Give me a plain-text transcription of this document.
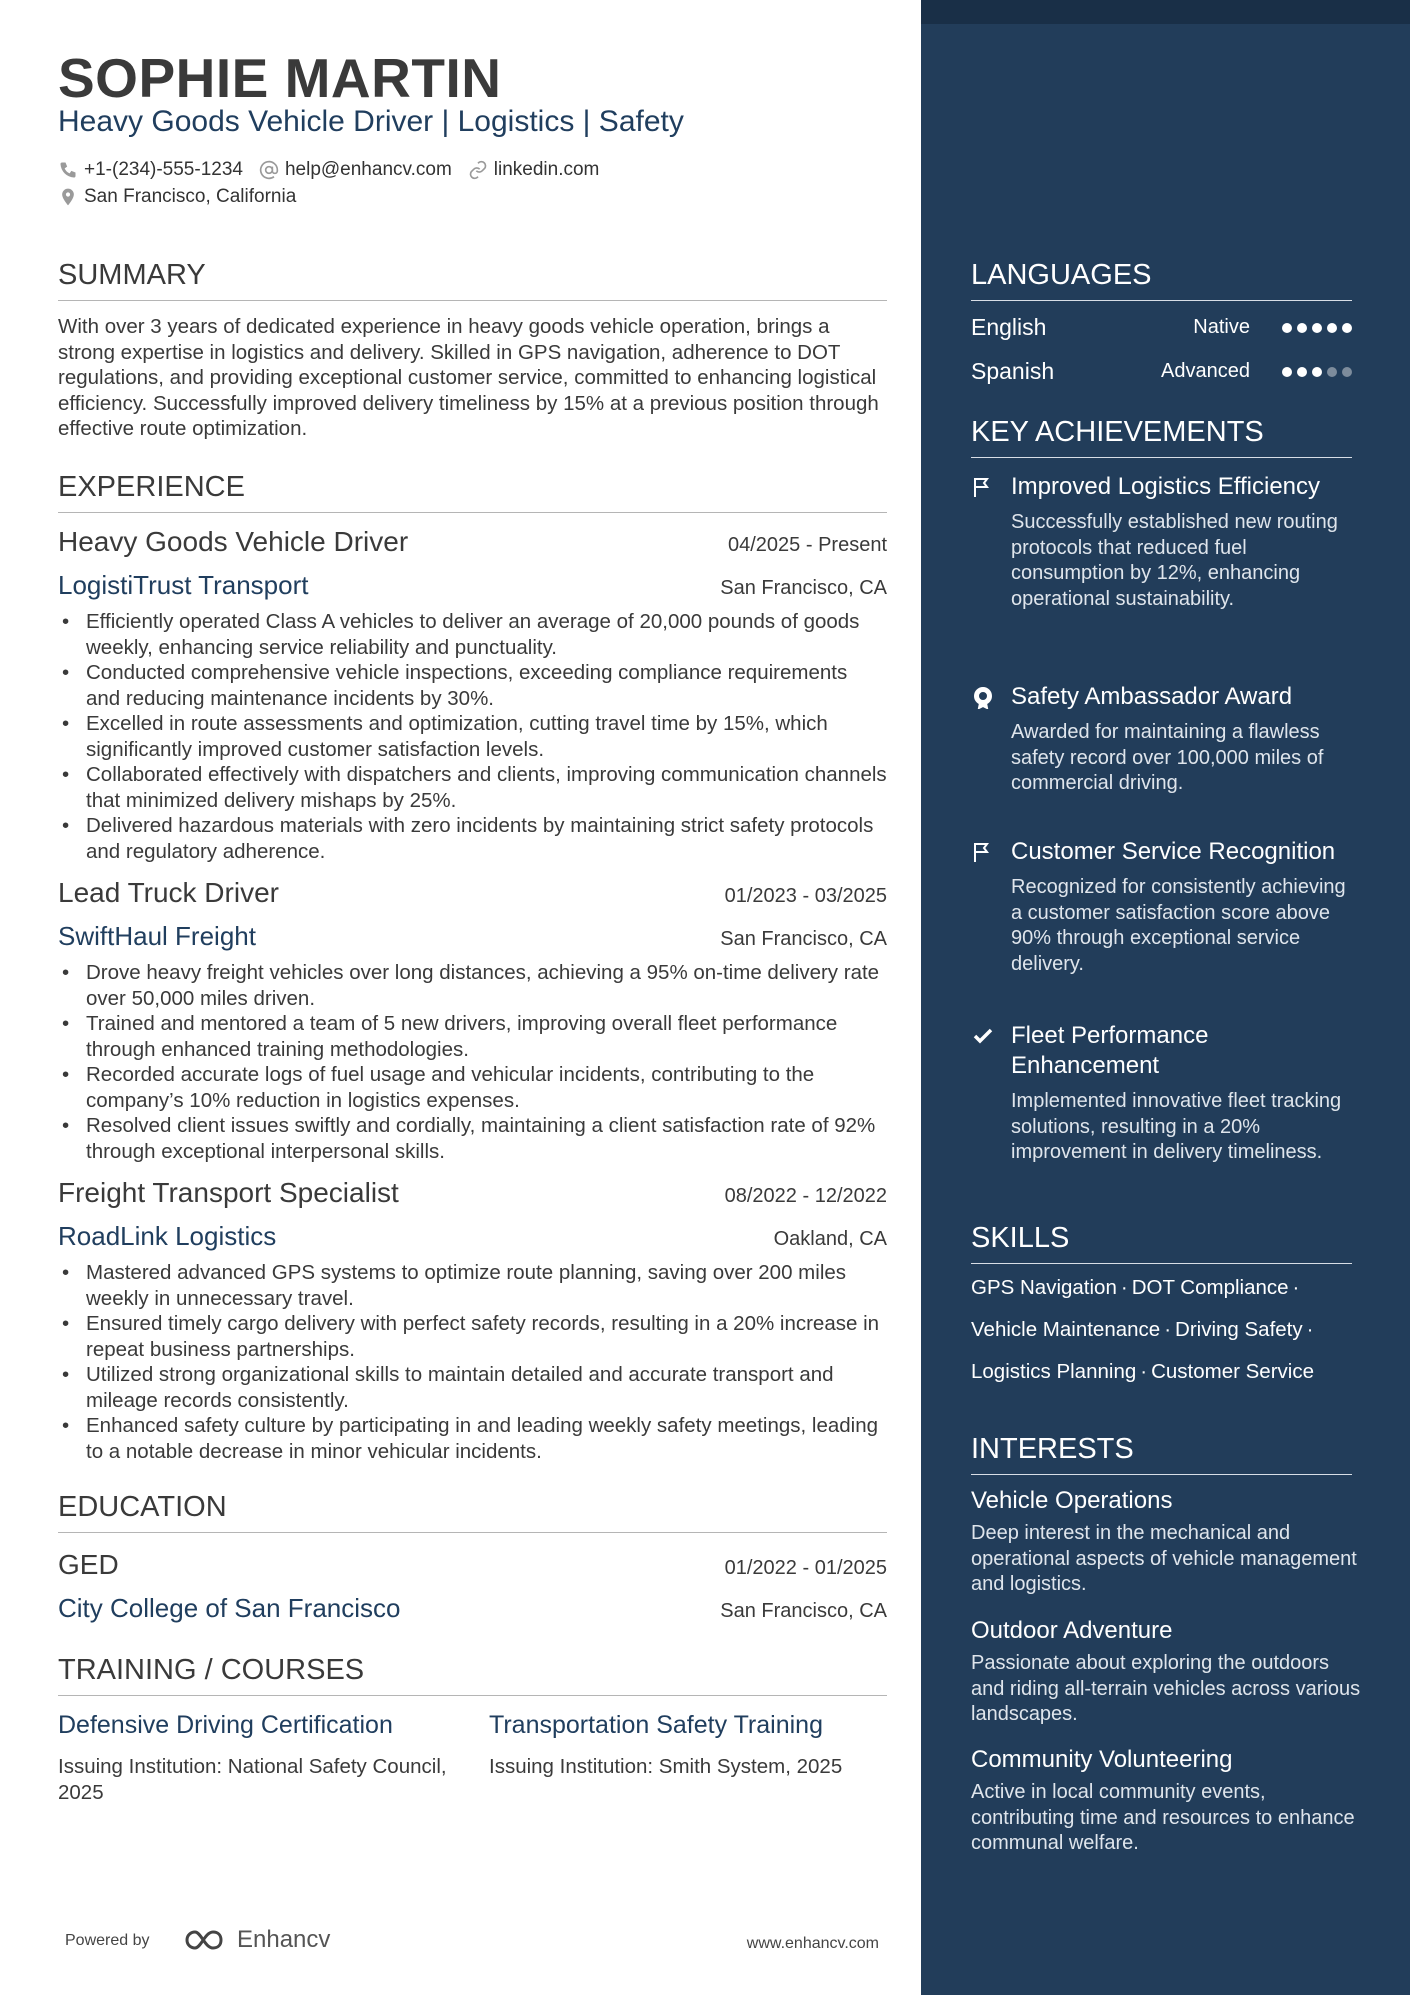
SOPHIE MARTIN
Heavy Goods Vehicle Driver | Logistics | Safety
+1-(234)-555-1234 help@enhancv.com linkedin.com
San Francisco, California
SUMMARY
With over 3 years of dedicated experience in heavy goods vehicle operation, brings a strong expertise in logistics and delivery. Skilled in GPS navigation, adherence to DOT regulations, and providing exceptional customer service, committed to enhancing logistical efficiency. Successfully improved delivery timeliness by 15% at a previous position through effective route optimization.
EXPERIENCE
Heavy Goods Vehicle Driver	04/2025 - Present
LogistiTrust Transport	San Francisco, CA
• Efficiently operated Class A vehicles to deliver an average of 20,000 pounds of goods weekly, enhancing service reliability and punctuality.
• Conducted comprehensive vehicle inspections, exceeding compliance requirements and reducing maintenance incidents by 30%.
• Excelled in route assessments and optimization, cutting travel time by 15%, which significantly improved customer satisfaction levels.
• Collaborated effectively with dispatchers and clients, improving communication channels that minimized delivery mishaps by 25%.
• Delivered hazardous materials with zero incidents by maintaining strict safety protocols and regulatory adherence.
Lead Truck Driver	01/2023 - 03/2025
SwiftHaul Freight	San Francisco, CA
• Drove heavy freight vehicles over long distances, achieving a 95% on-time delivery rate over 50,000 miles driven.
• Trained and mentored a team of 5 new drivers, improving overall fleet performance through enhanced training methodologies.
• Recorded accurate logs of fuel usage and vehicular incidents, contributing to the company’s 10% reduction in logistics expenses.
• Resolved client issues swiftly and cordially, maintaining a client satisfaction rate of 92% through exceptional interpersonal skills.
Freight Transport Specialist	08/2022 - 12/2022
RoadLink Logistics	Oakland, CA
• Mastered advanced GPS systems to optimize route planning, saving over 200 miles weekly in unnecessary travel.
• Ensured timely cargo delivery with perfect safety records, resulting in a 20% increase in repeat business partnerships.
• Utilized strong organizational skills to maintain detailed and accurate transport and mileage records consistently.
• Enhanced safety culture by participating in and leading weekly safety meetings, leading to a notable decrease in minor vehicular incidents.
EDUCATION
GED	01/2022 - 01/2025
City College of San Francisco	San Francisco, CA
TRAINING / COURSES
Defensive Driving Certification
Issuing Institution: National Safety Council, 2025
Transportation Safety Training
Issuing Institution: Smith System, 2025
Powered by	Enhancv	www.enhancv.com
LANGUAGES
English	Native
Spanish	Advanced
KEY ACHIEVEMENTS
Improved Logistics Efficiency
Successfully established new routing protocols that reduced fuel consumption by 12%, enhancing operational sustainability.
Safety Ambassador Award
Awarded for maintaining a flawless safety record over 100,000 miles of commercial driving.
Customer Service Recognition
Recognized for consistently achieving a customer satisfaction score above 90% through exceptional service delivery.
Fleet Performance Enhancement
Implemented innovative fleet tracking solutions, resulting in a 20% improvement in delivery timeliness.
SKILLS
GPS Navigation · DOT Compliance ·
Vehicle Maintenance · Driving Safety ·
Logistics Planning · Customer Service
INTERESTS
Vehicle Operations
Deep interest in the mechanical and operational aspects of vehicle management and logistics.
Outdoor Adventure
Passionate about exploring the outdoors and riding all-terrain vehicles across various landscapes.
Community Volunteering
Active in local community events, contributing time and resources to enhance communal welfare.
